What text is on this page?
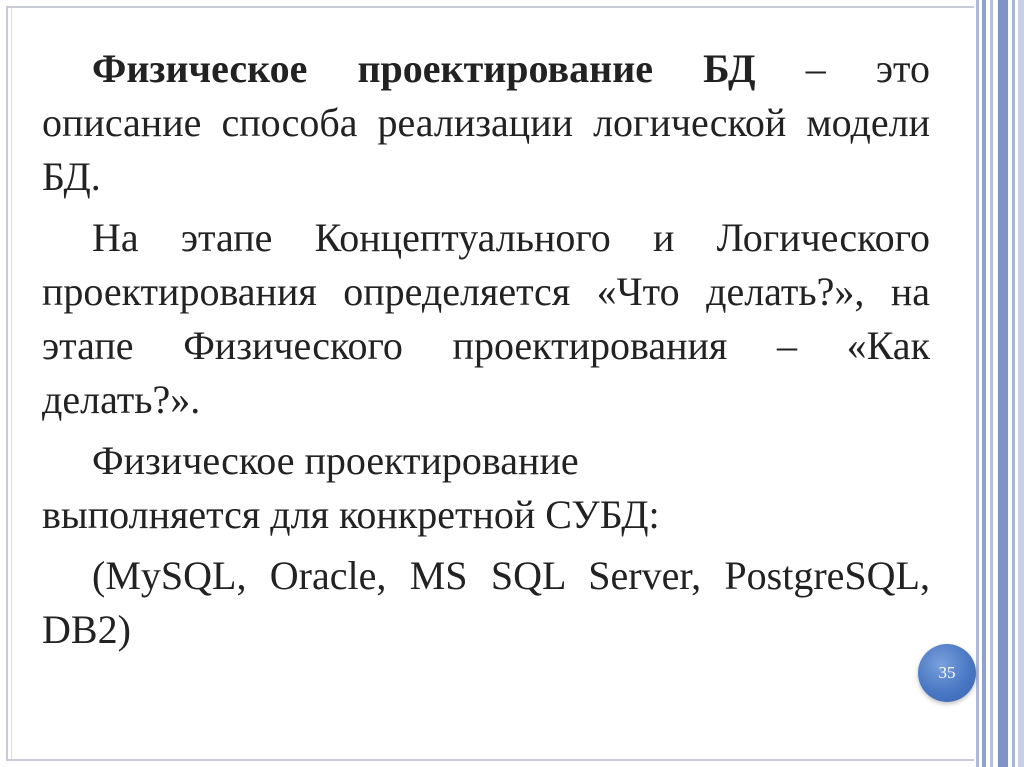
Физическое проектирование БД – это описание способа реализации логической модели БД.

На этапе Концептуального и Логического проектирования определяется «Что делать?», на этапе Физического проектирования – «Как делать?».

Физическое проектирование
выполняется для конкретной СУБД:

(MySQL, Oracle, MS SQL Server, PostgreSQL, DB2)

35
